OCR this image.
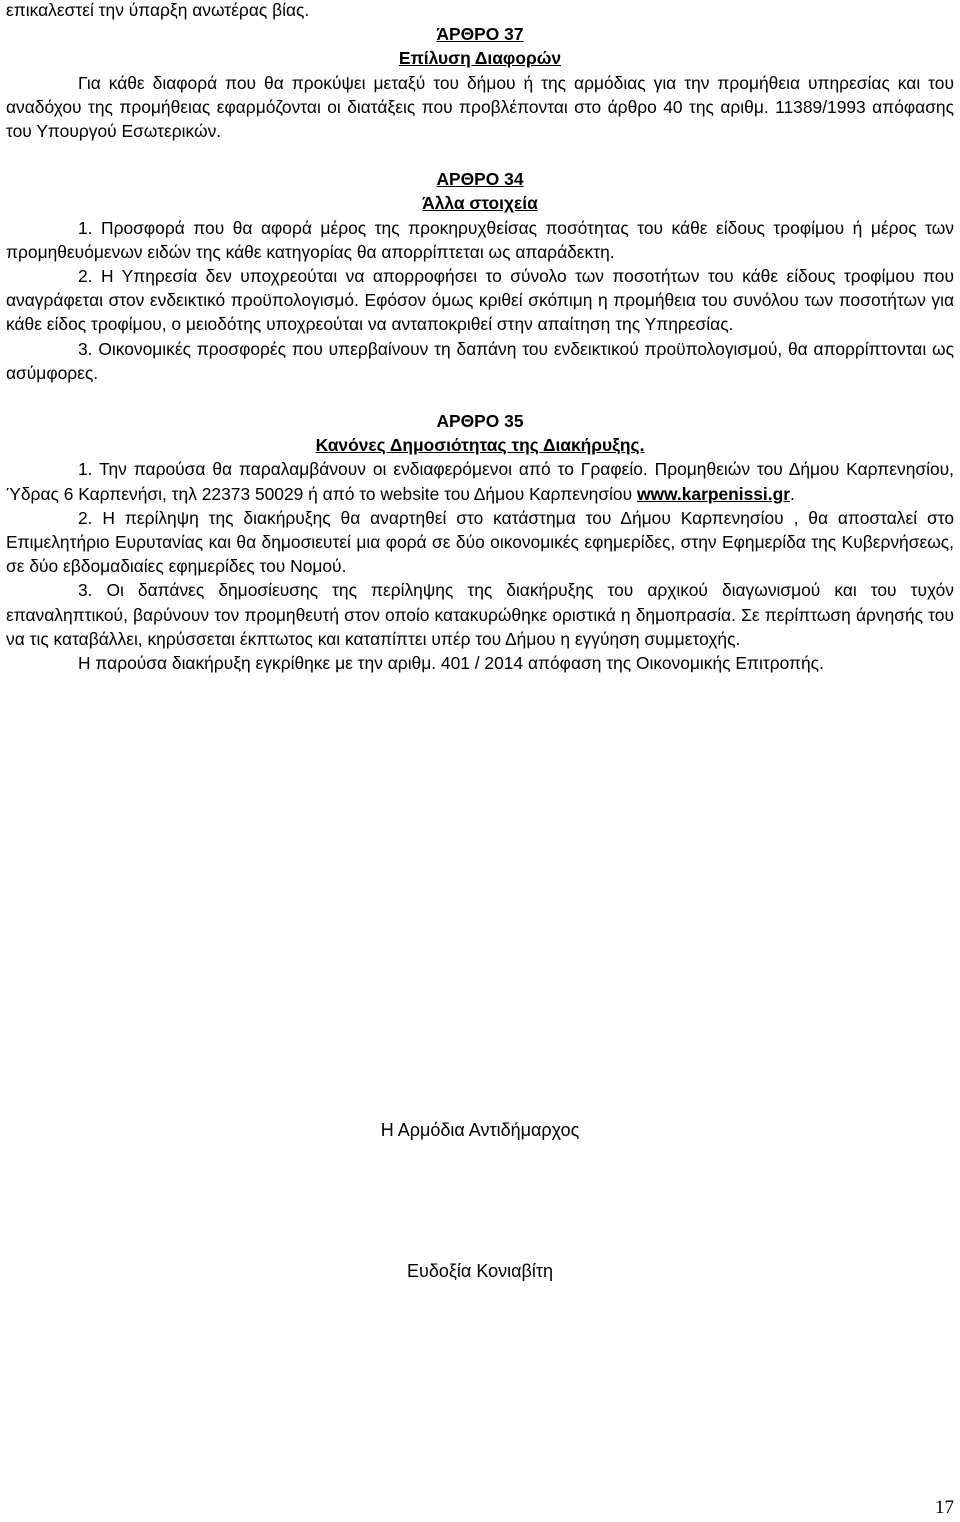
επικαλεστεί την ύπαρξη ανωτέρας βίας.

ΆΡΘΡΟ 37

Επίλυση Διαφορών

Για κάθε διαφορά που θα προκύψει μεταξύ του δήμου ή της αρμόδιας για την προμήθεια υπηρεσίας και του αναδόχου της προμήθειας εφαρμόζονται οι διατάξεις που προβλέπονται στο άρθρο 40 της αριθμ. 11389/1993 απόφασης του Υπουργού Εσωτερικών.

ΑΡΘΡΟ 34

Άλλα στοιχεία

1. Προσφορά που θα αφορά μέρος της προκηρυχθείσας ποσότητας του κάθε είδους τροφίμου ή μέρος των προμηθευόμενων ειδών της κάθε κατηγορίας θα απορρίπτεται ως απαράδεκτη.

2. Η Υπηρεσία δεν υποχρεούται να απορροφήσει το σύνολο των ποσοτήτων του κάθε είδους τροφίμου που αναγράφεται στον ενδεικτικό προϋπολογισμό. Εφόσον όμως κριθεί σκόπιμη η προμήθεια του συνόλου των ποσοτήτων για κάθε είδος τροφίμου, ο μειοδότης υποχρεούται να ανταποκριθεί στην απαίτηση της Υπηρεσίας.

3. Οικονομικές προσφορές που υπερβαίνουν τη δαπάνη του ενδεικτικού προϋπολογισμού, θα απορρίπτονται ως ασύμφορες.

ΑΡΘΡΟ 35

Κανόνες Δημοσιότητας της Διακήρυξης.

1. Την παρούσα θα παραλαμβάνουν οι ενδιαφερόμενοι από το Γραφείο. Προμηθειών του Δήμου Καρπενησίου, Ύδρας 6 Καρπενήσι, τηλ 22373 50029 ή από το website του Δήμου Καρπενησίου www.karpenissi.gr.

2. Η περίληψη της διακήρυξης θα αναρτηθεί στο κατάστημα του Δήμου Καρπενησίου , θα αποσταλεί στο Επιμελητήριο Ευρυτανίας και θα δημοσιευτεί μια φορά σε δύο οικονομικές εφημερίδες, στην Εφημερίδα της Κυβερνήσεως, σε δύο εβδομαδιαίες εφημερίδες του Νομού.

3. Οι δαπάνες δημοσίευσης της περίληψης της διακήρυξης του αρχικού διαγωνισμού και του τυχόν επαναληπτικού, βαρύνουν τον προμηθευτή στον οποίο κατακυρώθηκε οριστικά η δημοπρασία. Σε περίπτωση άρνησής του να τις καταβάλλει, κηρύσσεται έκπτωτος και καταπίπτει υπέρ του Δήμου η εγγύηση συμμετοχής.

Η παρούσα διακήρυξη εγκρίθηκε με την αριθμ. 401 / 2014 απόφαση της Οικονομικής Επιτροπής.

Η Αρμόδια Αντιδήμαρχος
Ευδοξία Κονιαβίτη
17
